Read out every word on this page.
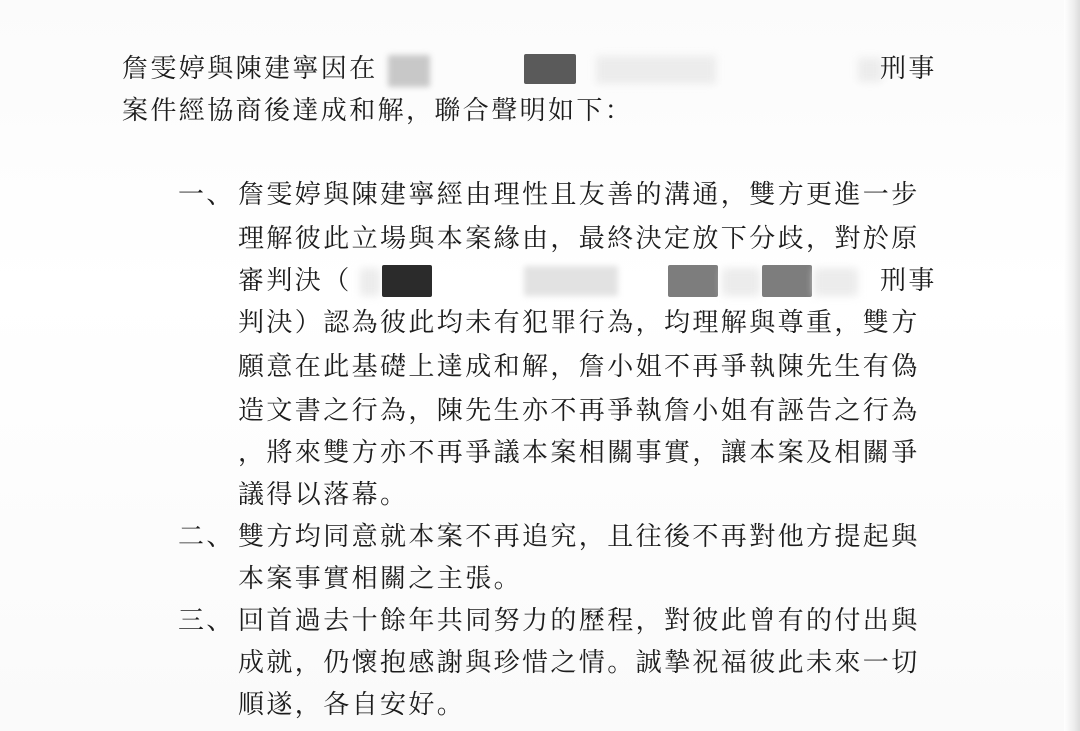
詹雯婷與陳建寧因在	刑事
案件經協商後達成和解，聯合聲明如下：
一、 詹雯婷與陳建寧經由理性且友善的溝通，雙方更進一步
理解彼此立場與本案緣由，最終決定放下分歧，對於原
審判決（	刑事
判決）認為彼此均未有犯罪行為，均理解與尊重，雙方
願意在此基礎上達成和解，詹小姐不再爭執陳先生有偽
造文書之行為，陳先生亦不再爭執詹小姐有誣告之行為
，將來雙方亦不再爭議本案相關事實，讓本案及相關爭
議得以落幕。
二、 雙方均同意就本案不再追究，且往後不再對他方提起與
本案事實相關之主張。
三、 回首過去十餘年共同努力的歷程，對彼此曾有的付出與
成就，仍懷抱感謝與珍惜之情。誠摯祝福彼此未來一切
順遂，各自安好。
